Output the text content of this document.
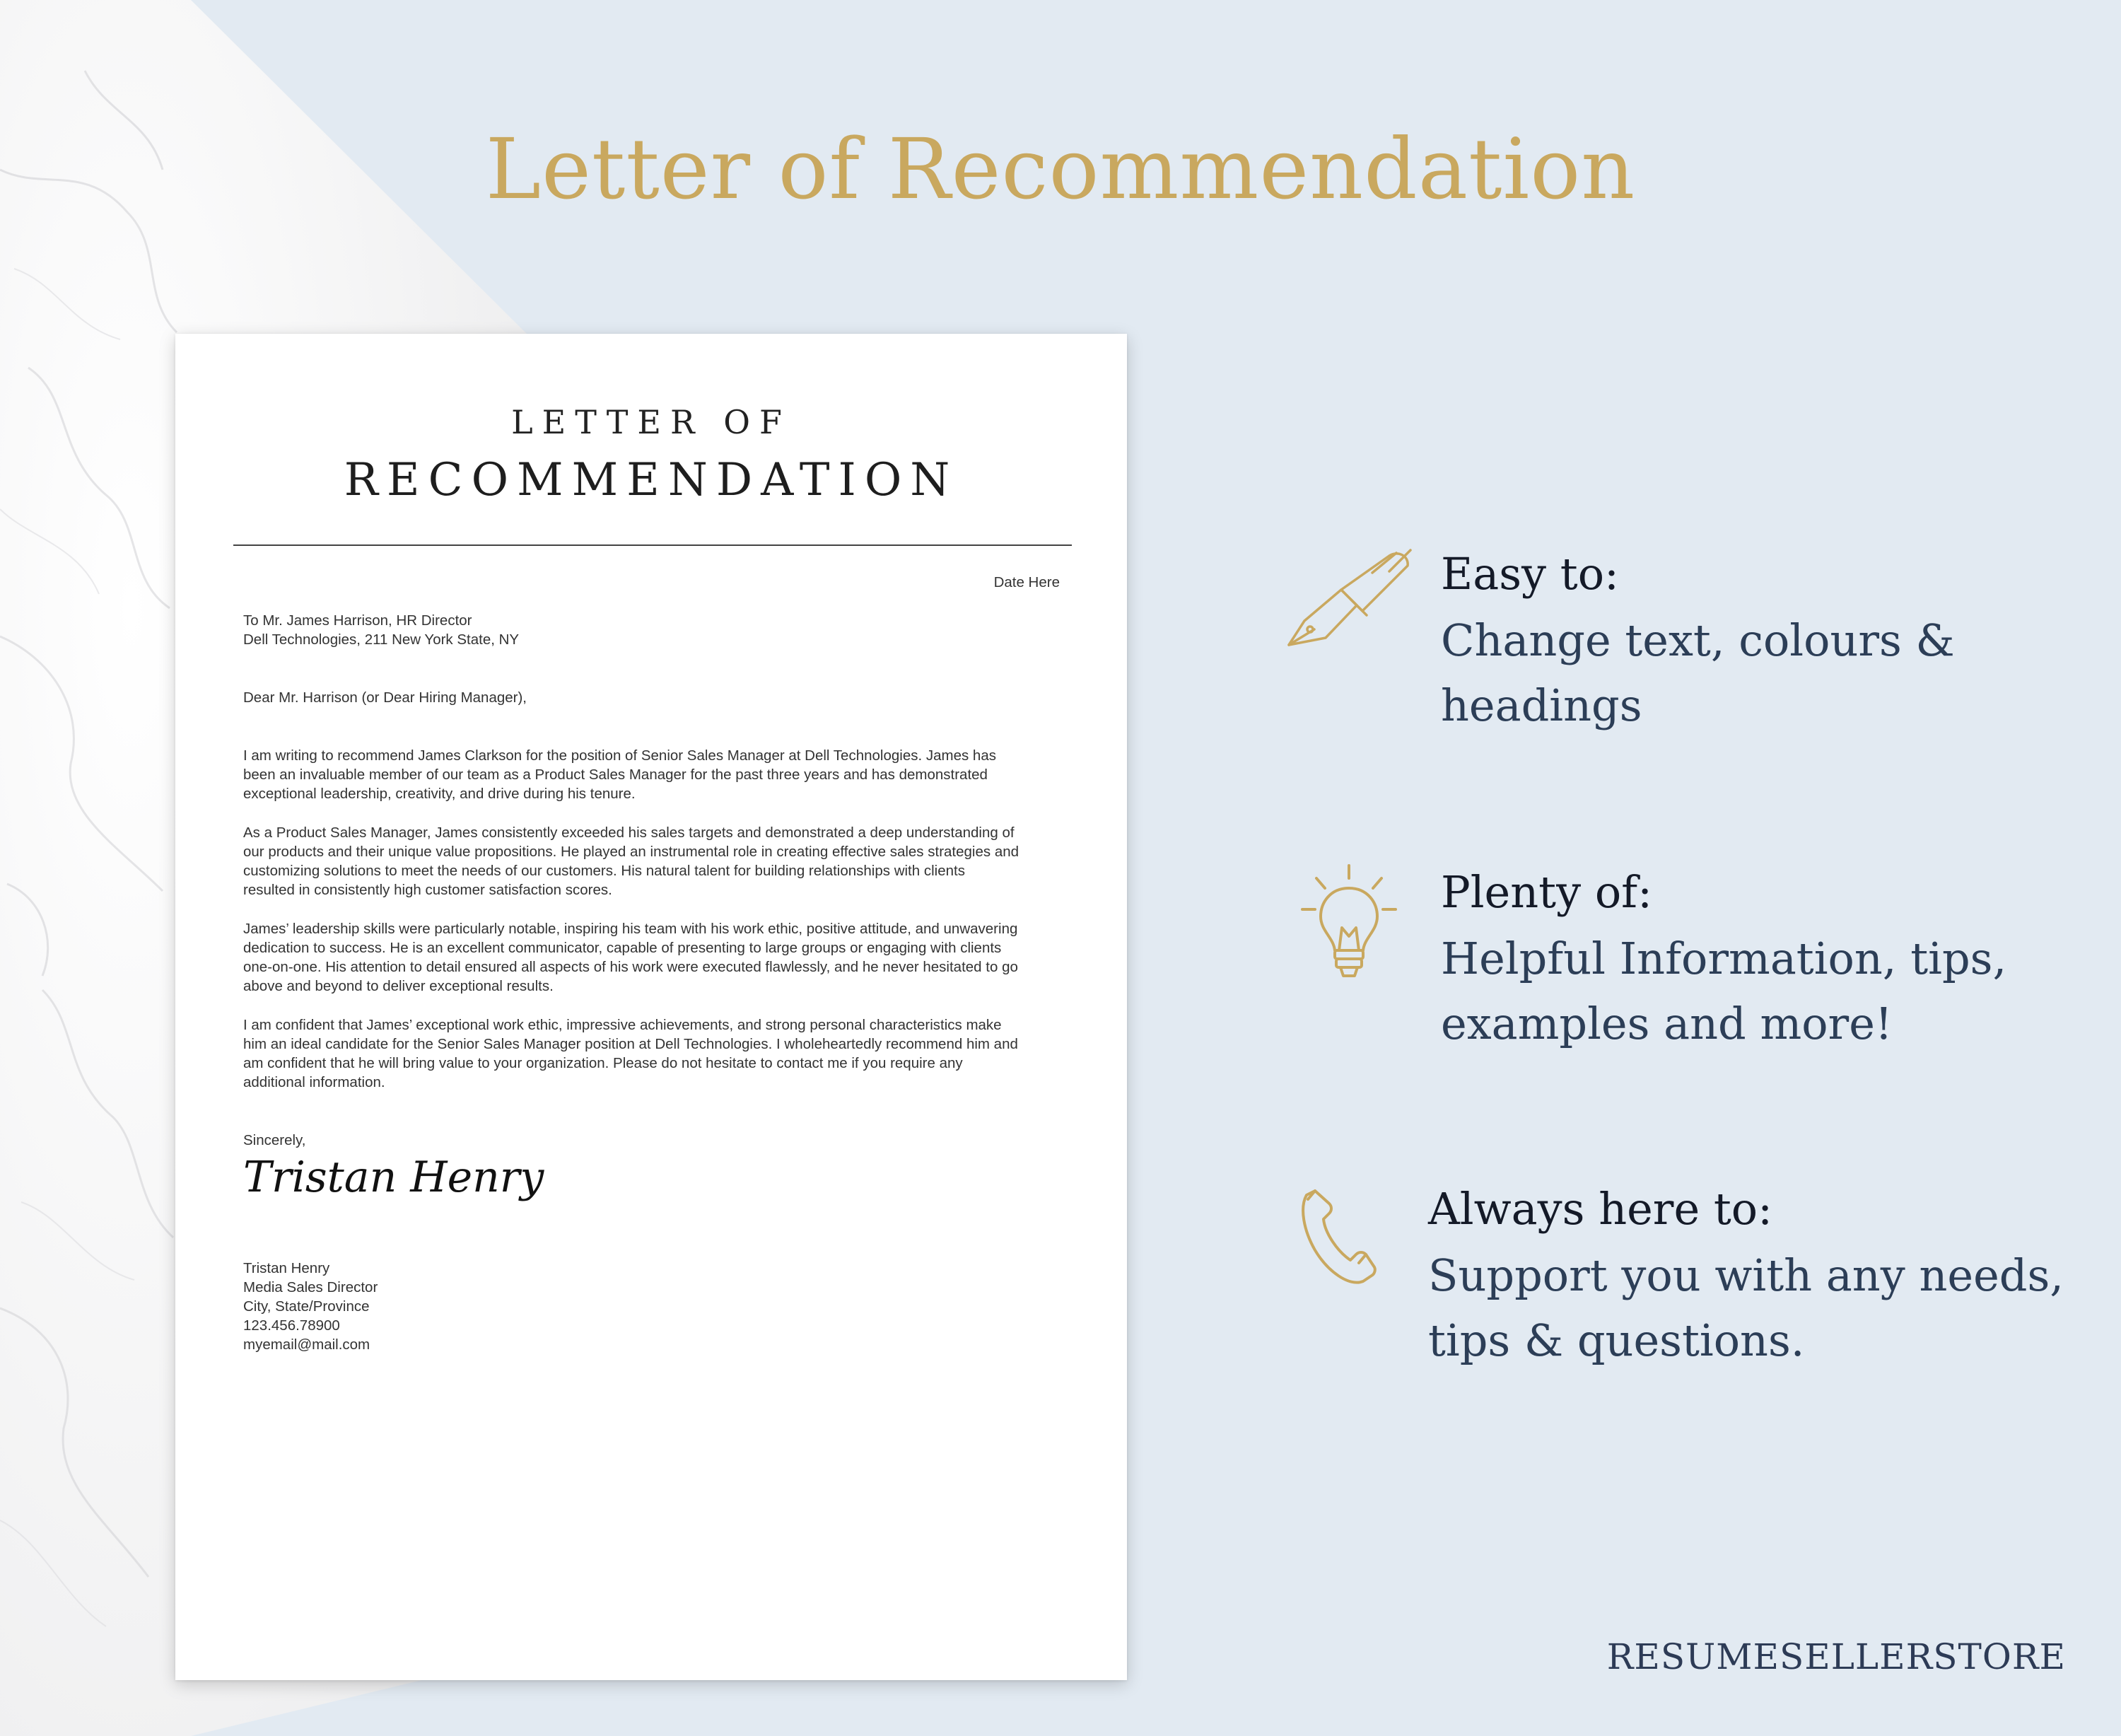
Letter of Recommendation
LETTER OF
RECOMMENDATION
Date Here
To Mr. James Harrison, HR Director
Dell Technologies, 211 New York State, NY
Dear Mr. Harrison (or Dear Hiring Manager),
I am writing to recommend James Clarkson for the position of Senior Sales Manager at Dell Technologies. James has
been an invaluable member of our team as a Product Sales Manager for the past three years and has demonstrated
exceptional leadership, creativity, and drive during his tenure.
As a Product Sales Manager, James consistently exceeded his sales targets and demonstrated a deep understanding of
our products and their unique value propositions. He played an instrumental role in creating effective sales strategies and
customizing solutions to meet the needs of our customers. His natural talent for building relationships with clients
resulted in consistently high customer satisfaction scores.
James’ leadership skills were particularly notable, inspiring his team with his work ethic, positive attitude, and unwavering
dedication to success. He is an excellent communicator, capable of presenting to large groups or engaging with clients
one-on-one. His attention to detail ensured all aspects of his work were executed flawlessly, and he never hesitated to go
above and beyond to deliver exceptional results.
I am confident that James’ exceptional work ethic, impressive achievements, and strong personal characteristics make
him an ideal candidate for the Senior Sales Manager position at Dell Technologies. I wholeheartedly recommend him and
am confident that he will bring value to your organization. Please do not hesitate to contact me if you require any
additional information.
Sincerely,
Tristan Henry
Tristan Henry
Media Sales Director
City, State/Province
123.456.78900
myemail@mail.com
Easy to:
Change text, colours &
headings
Plenty of:
Helpful Information, tips,
examples and more!
Always here to:
Support you with any needs,
tips & questions.
RESUMESELLERSTORE
